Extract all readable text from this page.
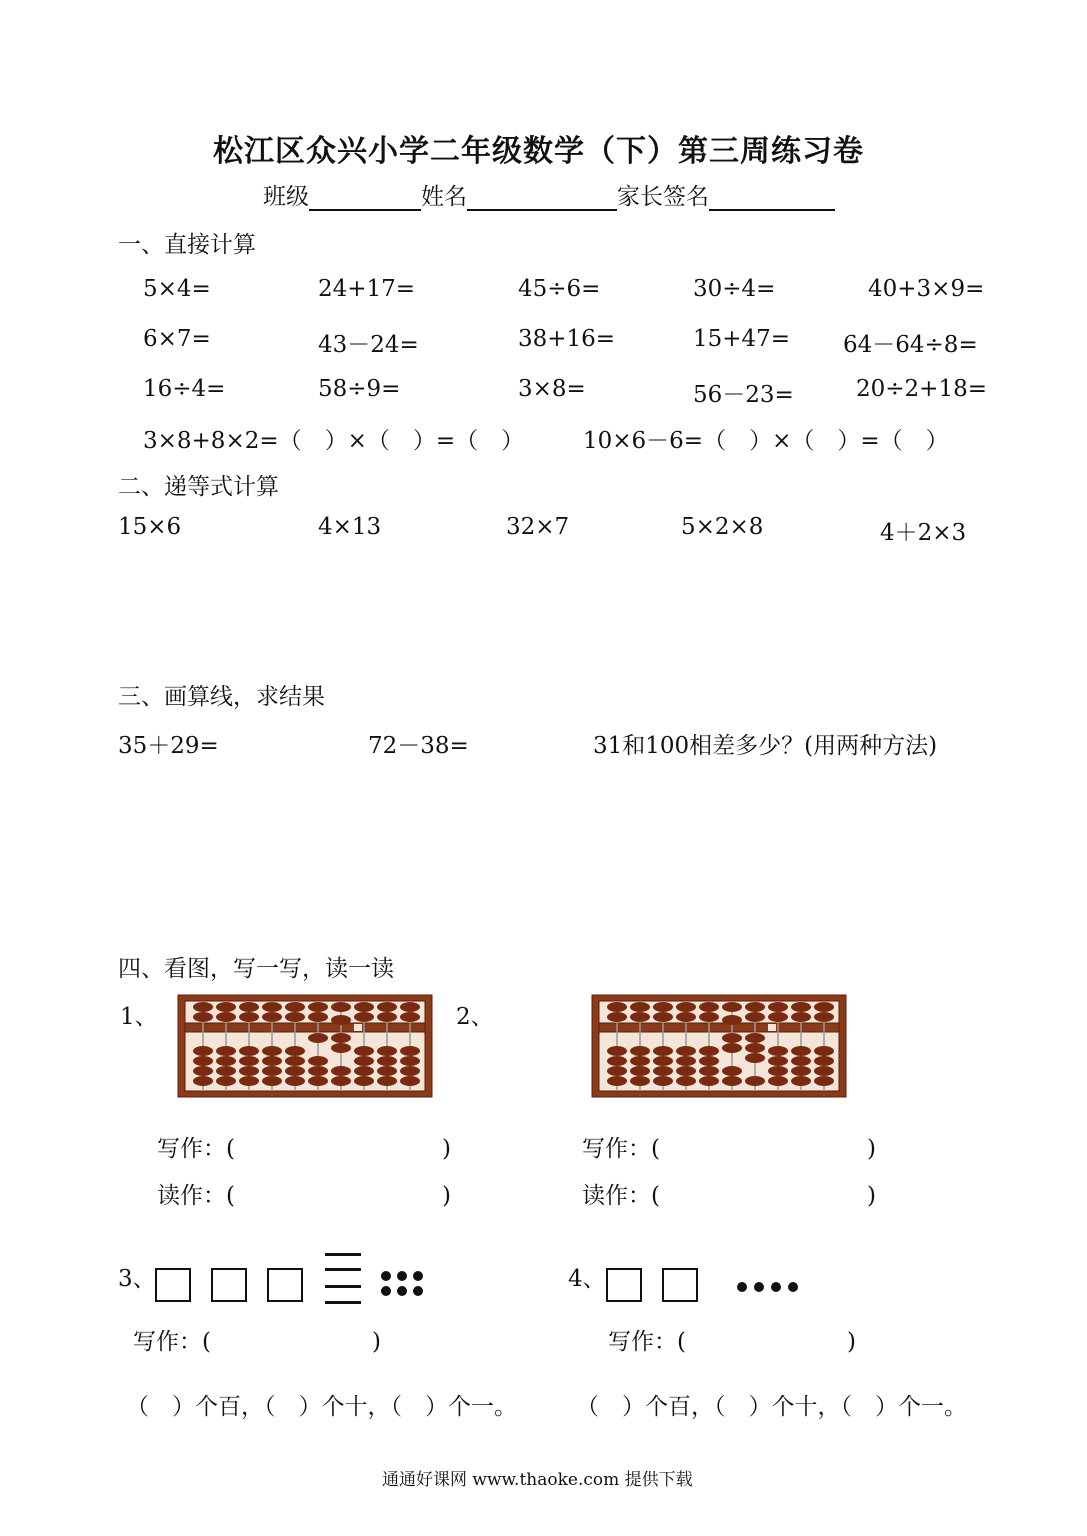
松江区众兴小学二年级数学（下）第三周练习卷
班级	姓名	家长签名
一、直接计算
5×4=	24+17=	45÷6=	30÷4=	40+3×9=
6×7=	43－24=	38+16=	15+47= 64－64÷8=
16÷4=	58÷9=	3×8=	56－23=	20÷2+18=
3×8+8×2=（　）×（　）=（　）	10×6－6=（　）×（　）=（　）
二、递等式计算
15×6	4×13	32×7	5×2×8	4＋2×3
三、画算线，求结果
35＋29=	72－38=	31和100相差多少？(用两种方法)
四、看图，写一写，读一读
1、	2、
写作：(　　　　　　　　　)
读作：(　　　　　　　　　)
写作：(　　　　　　　　　)
读作：(　　　　　　　　　)
3、	4、
写作：(　　　　　　　)	写作：(　　　　　　　)
（　）个百，（　）个十，（　）个一。	（　）个百，（　）个十，（　）个一。
通通好课网 www.thaoke.com 提供下载
